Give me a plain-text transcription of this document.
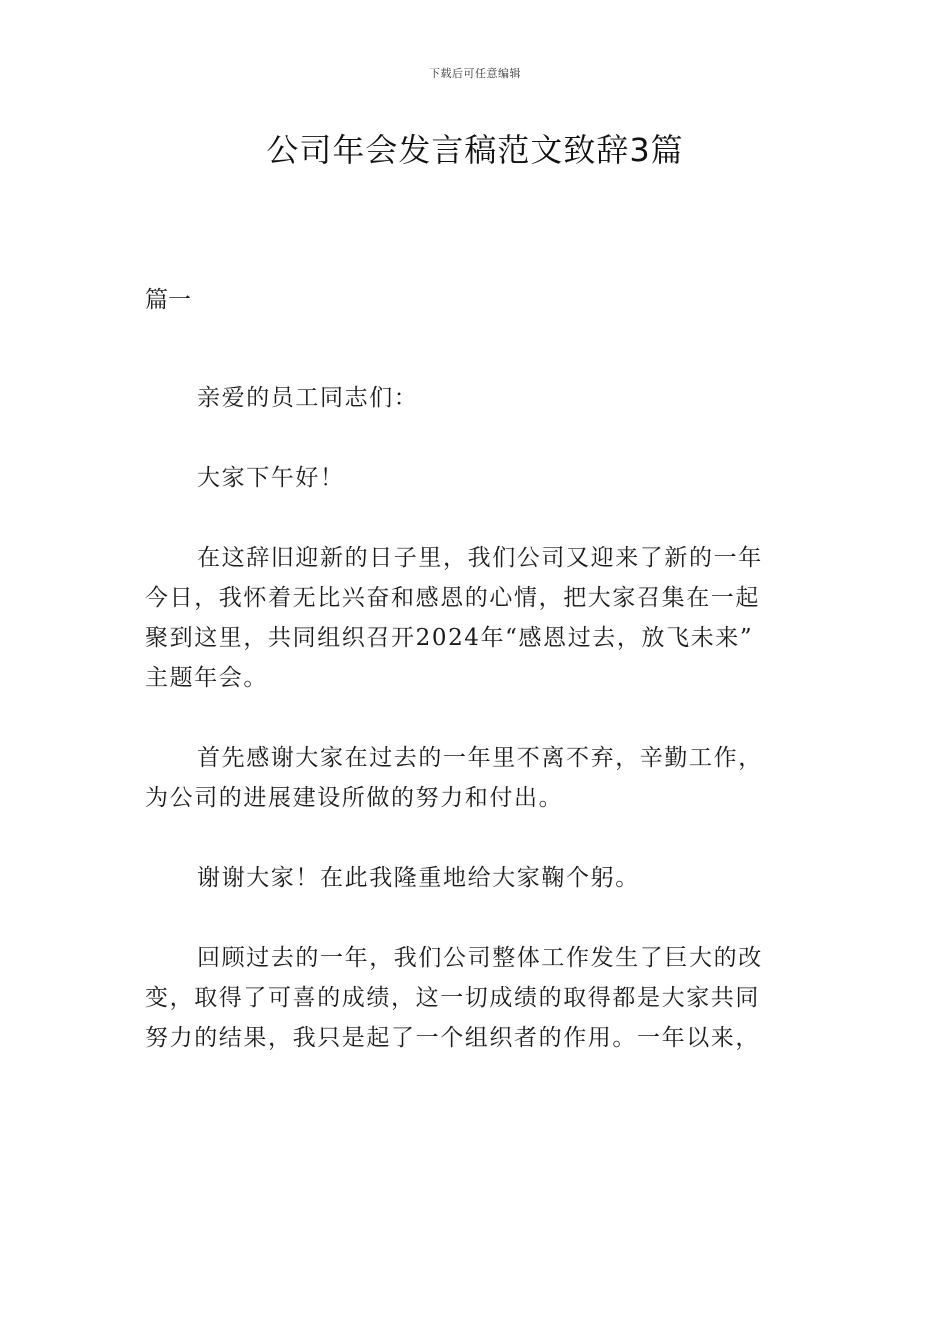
下载后可任意编辑
公司年会发言稿范文致辞3篇
篇一

亲爱的员工同志们：

大家下午好！

在这辞旧迎新的日子里，我们公司又迎来了新的一年
今日，我怀着无比兴奋和感恩的心情，把大家召集在一起
聚到这里，共同组织召开2024年“感恩过去，放飞未来”
主题年会。

首先感谢大家在过去的一年里不离不弃，辛勤工作，
为公司的进展建设所做的努力和付出。

谢谢大家！在此我隆重地给大家鞠个躬。

回顾过去的一年，我们公司整体工作发生了巨大的改
变，取得了可喜的成绩，这一切成绩的取得都是大家共同
努力的结果，我只是起了一个组织者的作用。一年以来，
